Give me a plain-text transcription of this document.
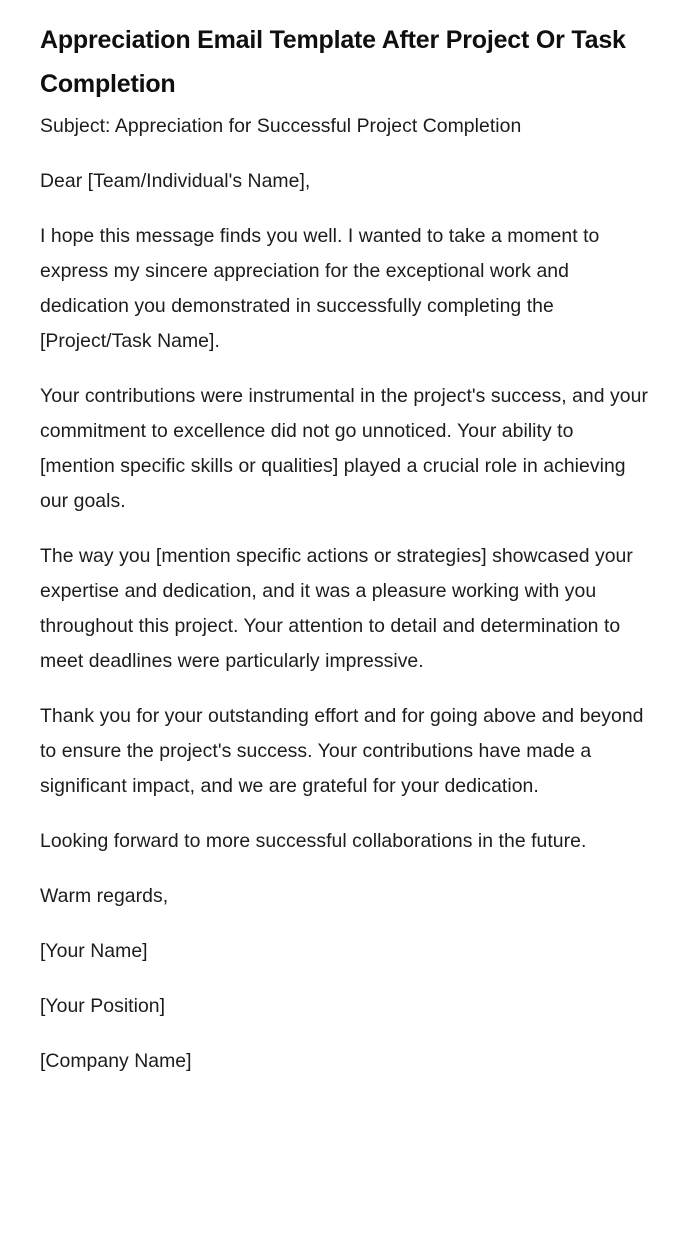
Appreciation Email Template After Project Or Task Completion

Subject: Appreciation for Successful Project Completion

Dear [Team/Individual's Name],

I hope this message finds you well. I wanted to take a moment to express my sincere appreciation for the exceptional work and dedication you demonstrated in successfully completing the [Project/Task Name].

Your contributions were instrumental in the project's success, and your commitment to excellence did not go unnoticed. Your ability to [mention specific skills or qualities] played a crucial role in achieving our goals.

The way you [mention specific actions or strategies] showcased your expertise and dedication, and it was a pleasure working with you throughout this project. Your attention to detail and determination to meet deadlines were particularly impressive.

Thank you for your outstanding effort and for going above and beyond to ensure the project's success. Your contributions have made a significant impact, and we are grateful for your dedication.

Looking forward to more successful collaborations in the future.

Warm regards,

[Your Name]

[Your Position]

[Company Name]
